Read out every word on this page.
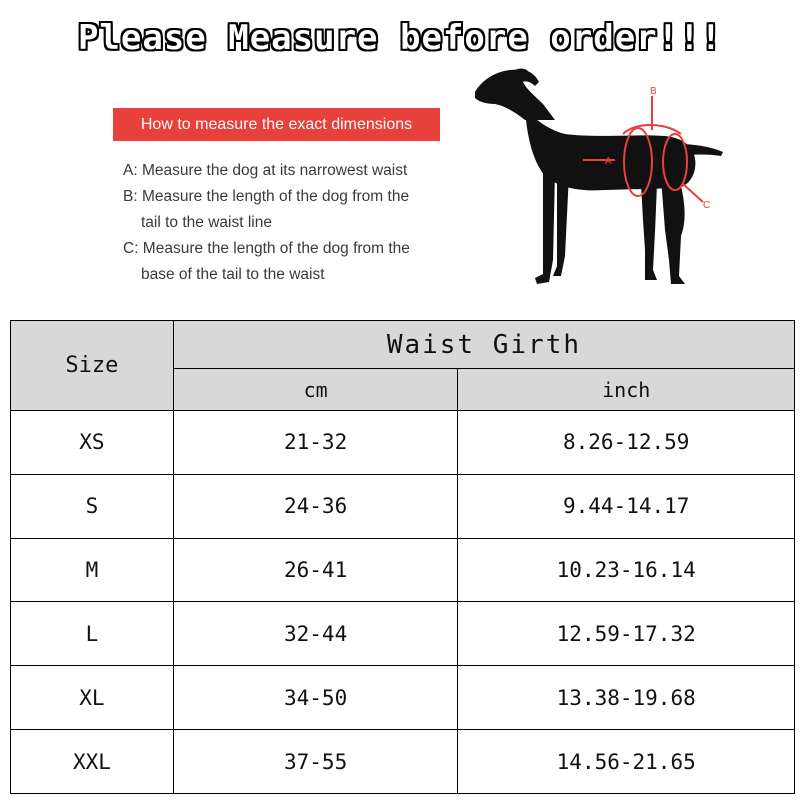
Please Measure before order!!!
How to measure the exact dimensions

A: Measure the dog at its narrowest waist

B: Measure the length of the dog from the

tail to the waist line

C: Measure the length of the dog from the

base of the tail to the waist

B
A
C
Size	Waist Girth	
	cm	inch
XS	21-32	8.26-12.59
S	24-36	9.44-14.17
M	26-41	10.23-16.14
L	32-44	12.59-17.32
XL	34-50	13.38-19.68
XXL	37-55	14.56-21.65
